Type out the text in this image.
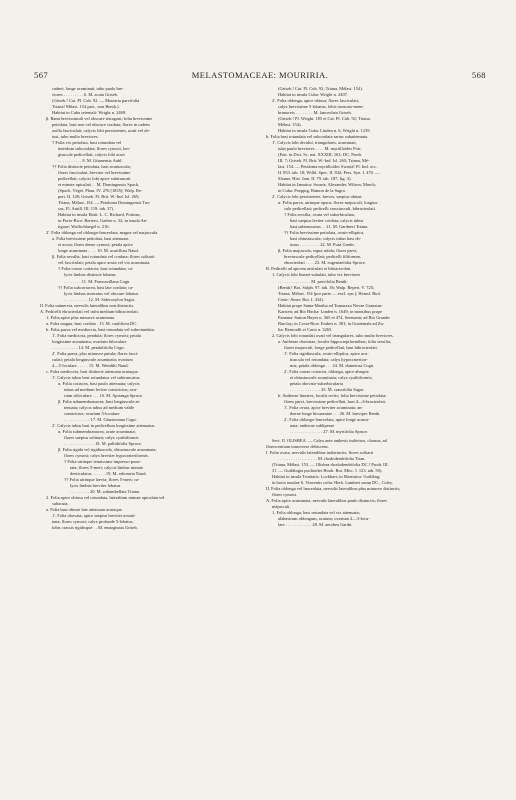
567	MELASTOMACEAE: MOURIRIA.	568
cadnei, longe acuminati, tubo paulo bre-
viores . . . . . . . . . 6. M. acuta Griseb.
(Griseb.! Cat. Pl. Cub. 92. — Mouriria parvifolia
Triana! Milast. 154 part., non Benth.).
Habitat in Cuba orientali: Wright n. 2469.
β. Rami brevissimuli vel obscure tetragoni; folia brevissime
petiolata, basi non vel obscure cordata; flores in cadem
axilla fasciculati; calycis lobi persistentes, acuti vel ob-
tusi, tubo multo breviores.
† Folia vix petiolata, basi rotundata vel
interdum subcordata; flores cymosi, lon-
giuscule pedicellati; calycis lobi acuti
. . . . . . . . . . . 8. M. Gitanensis Aubl.
†† Folia distincte petiolata, basi acutiuscula;
flores fasciculati, breviter vel brevissime
pedicellati; calycis lobi apice subtruncati
et minute apiculati . . M. Domingensis Spach.
(Spach, Végét. Phan. IV. 276 [1835]; Walp. Re-
pert. II. 149; Griseb. Fl. Brit. W.-Ind. Isl. 265;
Triana, Mélast. 154. — Petaloma Domingensis Tus-
sac, Fl. Antill. III. 119. tab. 37).
Habitat in insula Haiti: L. C. Richard, Poiteau;
in Porto-Rico: Bertero, Garber n. 32; in insula An-
tiguae: Wullschlaegel n. 216.
2'. Folia oblonga vel oblongo-lanceolata, magna vel majuscula.
a. Folia brevissime petiolata, basi attenuata
et acuta; flores dense cymosi; petala apice
longe acuminata . . . . 10. M. acutiflora Naud.
β. Folia sessilia, basi rotundata vel cordata; flores solitarii
vel fasciculati; petala apice acuta vel vix acuminata.
† Folia crasse coriacea, basi rotundata; ca-
lycis limbus distincte lobatus
. . . . . . . . 11. M. Francavillana Cogn.
†† Folia subcoriacea, basi late cordata; ca-
lycis limbus truncatus vel obscure lobatus
. . . . . . . . . . . 12. M. Sideroxylon Sagot.
II. Folia uninervia, nervulis lateralibus non distinctis.
A. Pedicelli ebracteolati vel infra medium bibracteolati.
1. Folia apice plus minusve acuminata.
a. Folia magna, basi cordata . 13. M. caulifiora DC.
b. Folia parva vel mediocria, basi rotundata vel subrotundata.
1'. Folia mediocria, pendula; flores cymosi; petala
longissime acuminata; ovarium biloculare
. . . . . . . . . . . . 14. M. pendulifolia Cogn.
2'. Folia parva, plus minusve patula; flores fasci-
culati; petala longiuscule acuminata; ovarium
4—5-loculare . . . . . 15. M. Wendtlii Naud.
c. Folia mediocria, basi distincte attenuata acutaque.
1'. Calycis tubus basi rotundatus vel subtruncatus.
α. Folia coriacea, basi paulo attenuata; calycis
tubus ad medium leviter constrictus; ova-
rium triloculare . . . 16. M. Apiranga Spruce.
β. Folia submembranacea, basi longiuscule at-
tenuata; calycis tubus ad medium valde
constrictus; ovarium 5-loculare
. . . . . . . . . . . . 17. M. Glaziouiana Cogn.
2'. Calycis tubus basi in pedicellum longissime attenuatus.
α. Folia submembranacea, acute acuminata;
flores saepius solitarii; calyx cyathiformis
. . . . . . . . . . . . . . 18. M. pallidifolia Spruce.
β. Folia rigida vel rigidiuscula, obtusiuscule acuminata;
flores cymosi; calyx breviter hypocrateriformis.
† Folia utrinque tenuissime impresso-punc-
tata; flores 5-meri; calycis limbus minute
denticulatus . . . . . . 19. M. arboraria Naud.
†† Folia utrinque laevia; flores 5-meri; ca-
lycis limbus breviter lobatus
. . . . . . . . . 20. M. subumbellata Triana.
2. Folia apice obtusa vel rotundata, lateralium minute apiculata vel
subacuta.
a. Folia basi obtuse late attenuata acutaque.
1'. Folia obovata, apice saepius breviter acumi-
nata; flores cymosi; calyx profunde 5-lobatus,
lobis crassis rigidisque . . M. emarginata Griseb.
(Griseb.! Cat. Pl. Cub. 92; Triana, Mélast. 154).
Habitat in insula Cuba: Wright n. 2407.
2'. Folia oblonga, apice obtusa; flores fasciculati;
calyx brevissime 5-lobatus, lobis truncato-mem-
branaceis . . . . . . . . M. lanceolata Griseb.
(Griseb.! Pl. Wright. 185 et Cat. Pl. Cub. 92; Triana,
Mélast. 154).
Habitat in insula Cuba: Linden n. 6, Wright n. 1239.
b. Folia basi rotundata vel subcordata rarius subattenuata.
1'. Calycis lobi deciduí, triangulares, acuminati,
tubo paulo breviores . . . . M. myrtilloides Poir.
(Poir. in Dict. Sc. nat. XXXIII. 163; DC. Prodr.
III. 7; Griseb. Fl. Brit. W.-Ind. Isl. 265; Triana, Mé-
last. 154. — Petaloma myrtilloides Swartz! Fl. Ind. occ.
II. 853. tab. 18; Willd. Spec. II. 842; Pers. Syn. I. 470. —
Sloane, Hist. Jam. II. 79. tab. 187, fig. 3).
Habitat in Jamaica: Swartz, Alexander, Wilson, March;
in Cuba: Poeppig, Ramon de la Sagra.
2'. Calycis lobi persistentes, breves, saepius obtusi.
α. Folia parva, utrinque opaca; flores majusculi, longius-
cule pedicellati; pedicelli crassiusculi, bibracteolati.
† Folia sessilia, ovata vel suborbiculata,
basi saepius leviter cordata; calycis tubus
basi subtruncatus . . 21. M. Gardneri Triana.
†† Folia brevissime petiolata, ovato-elliptica,
basi obtusiuscula; calycis tubus basi ob-
tusus . . . . . . . . . 22. M. Pusa Gardn.
β. Folia majuscula, supra nitida; flores parvi,
breviuscule pedicellati; pedicelli filiformes,
ebracteolati . . . . 23. M. eugeniaefolia Spruce.
B. Pedicelli ad apicem articulati et bibracteolati.
1. Calycis lobi lineari-subulati, tubo vix breviores
. . . . . . . . . . . . . . . M. parvifolia Benth.
(Benth.! Bot. Sulph. 97. tab. 36; Walp. Repert. V. 725;
Triana, Mélast. 154 [pro parte — excl. syn.]; Hemsl. Biol.
Centr.-Amer. Bot. I. 434).
Habitat prope Santa-Martha ad Tumaraxa Novae Granatae:
Karsten; ad Rio Hacha: Linden n. 1649; in montibus prope
Panama: Sutton Hayes n. 365 et 474, Seemann; ad Rio Grande:
Barclay; in Costa-Rica: Endres n. 381; in Guatemala ad Zu-
lia: Bernoulli et Cario n. 3265.
2. Calycis lobi rotundati ovati vel triangulares, tubo multo breviores.
a. Antherae obovatae, loculis hippocrepiformibus; folia sessilia;
flores majusculi, longe pedicellati, basi bibracteolati.
1'. Folia rigidiuscula, ovato-elliptica, apice acu-
tiuscula vel rotundata; calyx hypocrateriior-
mis; petala oblonga . . . 24. M. dumetosa Cogn.
2'. Folia crasse coriacea, oblonga, apice abrupte
et obtusiuscule acuminata; calyx cyathiformis;
petala obovato-suborbicularia
. . . . . . . . . . . . . . 25. M. crassifolia Sagot.
b. Antherae lineares, loculis rectis; folia brevissime petiolata;
flores parvi, brevissime pedicellati, basi 4—6-bracteolati.
1'. Folia ovata, apice breviter acuminata; an-
therae longe bicuneatae . . . 26. M. brevipes Benth.
2'. Folia oblongo-lanceolata, apice longe acumi-
nata; antherae subliperae
. . . . . . . . . . . . . . . 27. M. myriifolia Spruce.
Sect. II. OLISBEA. — Calyx ante anthesis indivisus, clausus, ad
florescentiam transverse dehiscens.
I. Folia ovata, nervulis lateralibus indistinctis; flores solitarii
. . . . . . . . . . . . . . . . . . M. rhododendrifolia Trian.
(Triana, Mélast. 153. — Olisbea rhododendrifolia DC.! Prodr. III.
31. — Guildingia psidioides Hook. Bot. Misc. I. 123. tab. 50).
Habitat in insula Trinitatis: Lockhart; in Martinica: Guilding;
in horto insulae S. Vincentis culta: Herb. Lambert sumn DC., Coley.
II. Folia oblonga vel lanceolata, nervulis lateralibus plus minusve distinctis;
flores cymosi.
A. Folia apice acuminata, nervulis lateralibus paulo distinctis; flores
majusculi.
1. Folia oblonga, basi rotundata vel vix attenuata;
alabastrum oblongum, acutum; ovarium 2—3-locu-
lare . . . . . . . . . . . . 28. M. aerobea Gardn.
